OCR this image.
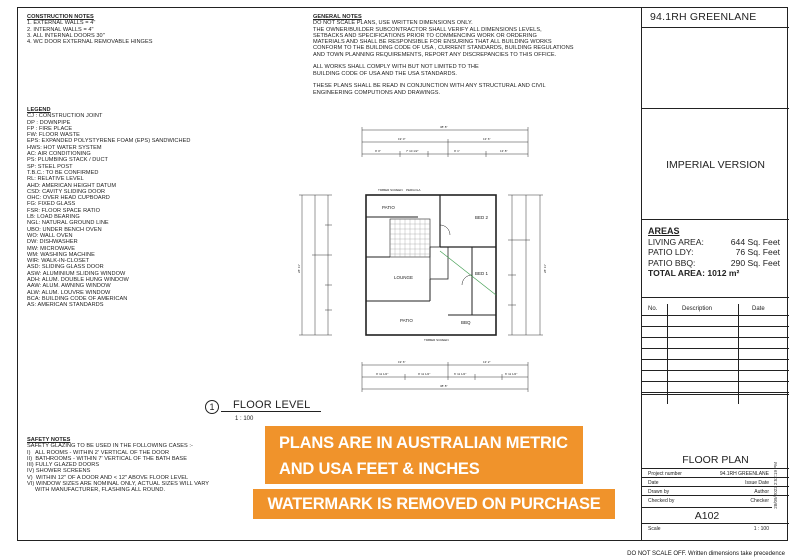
CONSTRUCTION NOTES
1. EXTERNAL WALLS = 4"
2. INTERNAL WALLS = 4"
3. ALL INTERNAL DOORS 30"
4. WC DOOR EXTERNAL REMOVABLE HINGES
GENERAL NOTES
DO NOT SCALE PLANS, USE WRITTEN DIMENSIONS ONLY.
THE OWNER/BUILDER SUBCONTRACTOR SHALL VERIFY ALL DIMENSIONS LEVELS,
SETBACKS AND SPECIFICATIONS PRIOR TO COMMENCING WORK OR ORDERING
MATERIALS AND SHALL BE RESPONSIBLE FOR ENSURING THAT ALL BUILDING WORKS
CONFORM TO THE BUILDING CODE OF USA , CURRENT STANDARDS, BUILDING REGULATIONS
AND TOWN PLANNING REQUIREMENTS, REPORT ANY DISCREPANCIES TO THIS OFFICE.

ALL WORKS SHALL COMPLY WITH BUT NOT LIMITED TO THE
BUILDING CODE OF USA AND THE USA STANDARDS.

THESE PLANS SHALL BE READ IN CONJUNCTION WITH ANY STRUCTURAL AND CIVIL
ENGINEERING COMPUTIONS AND DRAWINGS.
LEGEND
CJ : CONSTRUCTION JOINT
DP : DOWNPIPE
FP : FIRE PLACE
FW: FLOOR WASTE
EPS: EXPANDED POLYSTYRENE FOAM (EPS) SANDWICHED
HWS: HOT WATER SYSTEM
AC: AIR CONDITIONING
PS: PLUMBING STACK / DUCT
SP: STEEL POST
T.B.C.: TO BE CONFIRMED
RL: RELATIVE LEVEL
AHD: AMERICAN HEIGHT DATUM
CSD: CAVITY SLIDING DOOR
OHC: OVER HEAD CUPBOARD
FG: FIXED GLASS
FSR: FLOOR SPACE RATIO
LB: LOAD BEARING
NGL: NATURAL GROUND LINE
UBO: UNDER BENCH OVEN
WO: WALL OVEN
DW: DISHWASHER
MW: MICROWAVE
WM: WASHING MACHINE
WIR: WALK-IN-CLOSET
ASD: SLIDING GLASS DOOR
ASW: ALUMINIUM SLIDING WINDOW
ADH: ALUM. DOUBLE HUNG WINDOW
AAW: ALUM. AWNING WINDOW
ALW: ALUM. LOUVRE WINDOW
BCA: BUILDING CODE OF AMERICAN
AS: AMERICAN STANDARDS
SAFETY NOTES
SAFETY GLAZING TO BE USED IN THE FOLLOWING CASES :-
I)   ALL ROOMS - WITHIN 2' VERTICAL OF THE DOOR
II)  BATHROOMS - WITHIN 7' VERTICAL OF THE BATH BASE
III) FULLY GLAZED DOORS
IV) SHOWER SCREENS
V)  WITHIN 12" OF A DOOR AND < 12" ABOVE FLOOR LEVEL
VI) WINDOW SIZES ARE NOMINAL ONLY, ACTUAL SIZES WILL VARY
WITH MANUFACTURER, FLASHING ALL ROUND.
PATIO
BED 2
LOUNGE
BED 1
PATIO	BBQ
TIMBER SCREEN PERGOLA
TIMBER SCREEN
38' 8"
19' 0"	13' 6"
9' 0"	7' 10 1/2"	9' 1"	13' 8"
19' 6"	13' 2"
9' 11 1/2"	9' 11 1/2"	6' 11 1/2"	6' 11 1/2"
38' 8"
28' 11"	28' 11"
1	FLOOR LEVEL
1 : 100
PLANS ARE IN AUSTRALIAN METRIC
AND USA FEET & INCHES
WATERMARK IS REMOVED ON PURCHASE
94.1RH GREENLANE
IMPERIAL VERSION
AREAS
LIVING AREA:	644 Sq. Feet
PATIO LDY:	76 Sq. Feet
PATIO BBQ:	290 Sq. Feet
TOTAL AREA: 1012 m²
No.	Description	Date
FLOOR PLAN
Project number	94.1RH GREENLANE
Date	Issue Date
Drawn by	Author
Checked by	Checker
A102
Scale	1 : 100
28/09/2022 2:52:19 PM
DO NOT SCALE OFF. Written dimensions take precedence
